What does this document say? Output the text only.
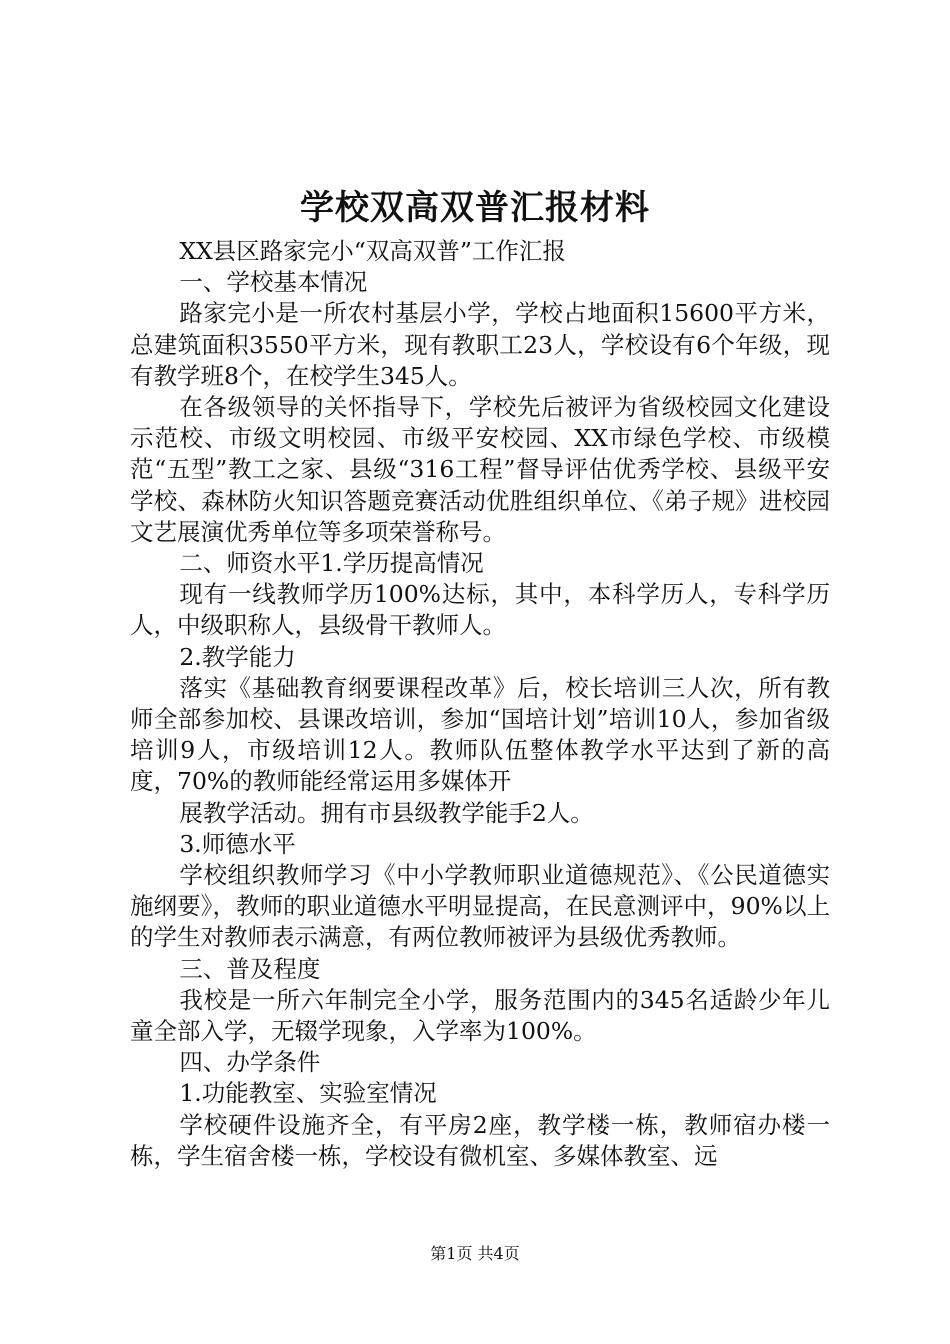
学校双高双普汇报材料

XX县区路家完小“双高双普”工作汇报

一、学校基本情况

路家完小是一所农村基层小学，学校占地面积15600平方米，总建筑面积3550平方米，现有教职工23人，学校设有6个年级，现有教学班8个，在校学生345人。

在各级领导的关怀指导下，学校先后被评为省级校园文化建设示范校、市级文明校园、市级平安校园、XX市绿色学校、市级模范“五型”教工之家、县级“316工程”督导评估优秀学校、县级平安学校、森林防火知识答题竞赛活动优胜组织单位、《弟子规》进校园文艺展演优秀单位等多项荣誉称号。

二、师资水平1.学历提高情况

现有一线教师学历100%达标，其中，本科学历人，专科学历人，中级职称人，县级骨干教师人。

2.教学能力

落实《基础教育纲要课程改革》后，校长培训三人次，所有教师全部参加校、县课改培训，参加“国培计划”培训10人，参加省级培训9人，市级培训12人。教师队伍整体教学水平达到了新的高度，70%的教师能经常运用多媒体开

展教学活动。拥有市县级教学能手2人。

3.师德水平

学校组织教师学习《中小学教师职业道德规范》、《公民道德实施纲要》，教师的职业道德水平明显提高，在民意测评中，90%以上的学生对教师表示满意，有两位教师被评为县级优秀教师。

三、普及程度

我校是一所六年制完全小学，服务范围内的345名适龄少年儿童全部入学，无辍学现象，入学率为100%。

四、办学条件

1.功能教室、实验室情况

学校硬件设施齐全，有平房2座，教学楼一栋，教师宿办楼一栋，学生宿舍楼一栋，学校设有微机室、多媒体教室、远

第1页 共4页
